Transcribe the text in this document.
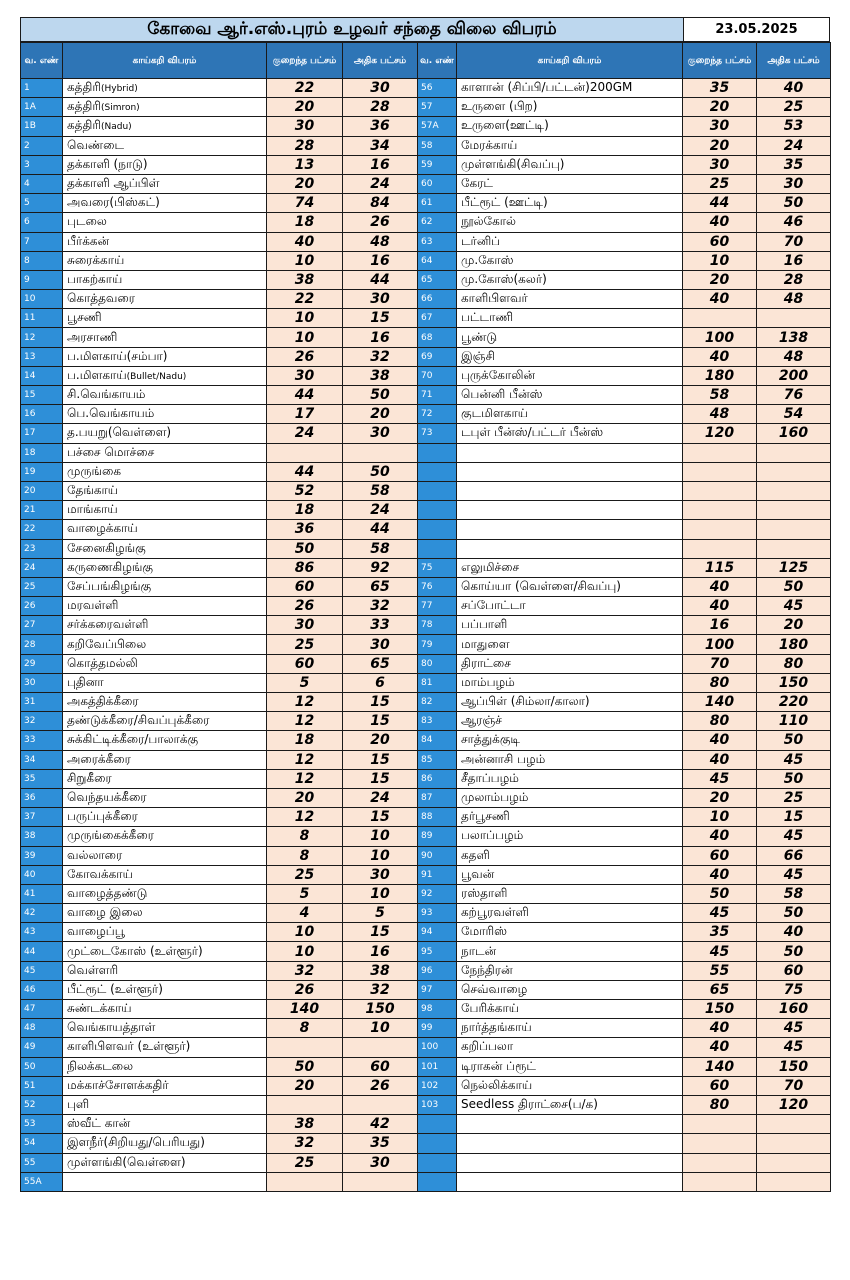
கோவை ஆர்.எஸ்.புரம் உழவர் சந்தை விலை விபரம்	23.05.2025
வ. எண்	காய்கறி விபரம்	குறைந்த பட்சம்	அதிக பட்சம்	வ. எண்	காய்கறி விபரம்	குறைந்த பட்சம்	அதிக பட்சம்
1	கத்திரி(Hybrid)	22	30	56	காளான் (சிப்பி/பட்டன்)200GM	35	40
1A	கத்திரி(Simron)	20	28	57	உருளை (பிற)	20	25
1B	கத்திரி(Nadu)	30	36	57A	உருளை(ஊட்டி)	30	53
2	வெண்டை	28	34	58	மேரக்காய்	20	24
3	தக்காளி (நாடு)	13	16	59	முள்ளங்கி(சிவப்பு)	30	35
4	தக்காளி ஆப்பிள்	20	24	60	கேரட்	25	30
5	அவரை(பிஸ்கட்)	74	84	61	பீட்ரூட் (ஊட்டி)	44	50
6	புடலை	18	26	62	நூல்கோல்	40	46
7	பீர்க்கன்	40	48	63	டர்னிப்	60	70
8	சுரைக்காய்	10	16	64	மு.கோஸ்	10	16
9	பாகற்காய்	38	44	65	மு.கோஸ்(கலர்)	20	28
10	கொத்தவரை	22	30	66	காளிபிளவர்	40	48
11	பூசணி	10	15	67	பட்டாணி		
12	அரசாணி	10	16	68	பூண்டு	100	138
13	ப.மிளகாய்(சம்பா)	26	32	69	இஞ்சி	40	48
14	ப.மிளகாய்(Bullet/Nadu)	30	38	70	புருக்கோலின்	180	200
15	சி.வெங்காயம்	44	50	71	பென்னி பீன்ஸ்	58	76
16	பெ.வெங்காயம்	17	20	72	குடமிளகாய்	48	54
17	த.பயறு(வெள்ளை)	24	30	73	டபுள் பீன்ஸ்/பட்டர் பீன்ஸ்	120	160
18	பச்சை மொச்சை						
19	முருங்கை	44	50				
20	தேங்காய்	52	58				
21	மாங்காய்	18	24				
22	வாழைக்காய்	36	44				
23	சேனைகிழங்கு	50	58				
24	கருணைகிழங்கு	86	92	75	எலுமிச்சை	115	125
25	சேப்பங்கிழங்கு	60	65	76	கொய்யா (வெள்ளை/சிவப்பு)	40	50
26	மரவள்ளி	26	32	77	சப்போட்டா	40	45
27	சர்க்கரைவள்ளி	30	33	78	பப்பாளி	16	20
28	கறிவேப்பிலை	25	30	79	மாதுளை	100	180
29	கொத்தமல்லி	60	65	80	திராட்சை	70	80
30	புதினா	5	6	81	மாம்பழம்	80	150
31	அகத்திக்கீரை	12	15	82	ஆப்பிள் (சிம்லா/காலா)	140	220
32	தண்டுக்கீரை/சிவப்புக்கீரை	12	15	83	ஆரஞ்ச்	80	110
33	சுக்கிட்டிக்கீரை/பாலாக்கு	18	20	84	சாத்துக்குடி	40	50
34	அரைக்கீரை	12	15	85	அன்னாசி பழம்	40	45
35	சிறுகீரை	12	15	86	சீதாப்பழம்	45	50
36	வெந்தயக்கீரை	20	24	87	முலாம்பழம்	20	25
37	பருப்புக்கீரை	12	15	88	தர்பூசணி	10	15
38	முருங்கைக்கீரை	8	10	89	பலாப்பழம்	40	45
39	வல்லாரை	8	10	90	கதளி	60	66
40	கோவக்காய்	25	30	91	பூவன்	40	45
41	வாழைத்தண்டு	5	10	92	ரஸ்தாளி	50	58
42	வாழை இலை	4	5	93	கற்பூரவள்ளி	45	50
43	வாழைப்பூ	10	15	94	மோரிஸ்	35	40
44	முட்டைகோஸ் (உள்ளூர்)	10	16	95	நாடன்	45	50
45	வெள்ளரி	32	38	96	நேந்திரன்	55	60
46	பீட்ரூட் (உள்ளூர்)	26	32	97	செவ்வாழை	65	75
47	சுண்டக்காய்	140	150	98	பேரிக்காய்	150	160
48	வெங்காயத்தாள்	8	10	99	நார்த்தங்காய்	40	45
49	காளிபிளவர் (உள்ளூர்)			100	கறிப்பலா	40	45
50	நிலக்கடலை	50	60	101	டிராகன் ப்ரூட்	140	150
51	மக்காச்சோளக்கதிர்	20	26	102	நெல்லிக்காய்	60	70
52	புளி			103	Seedless திராட்சை(ப/க)	80	120
53	ஸ்வீட் கான்	38	42				
54	இளநீர்(சிறியது/பெரியது)	32	35				
55	முள்ளங்கி(வெள்ளை)	25	30				
55A							
